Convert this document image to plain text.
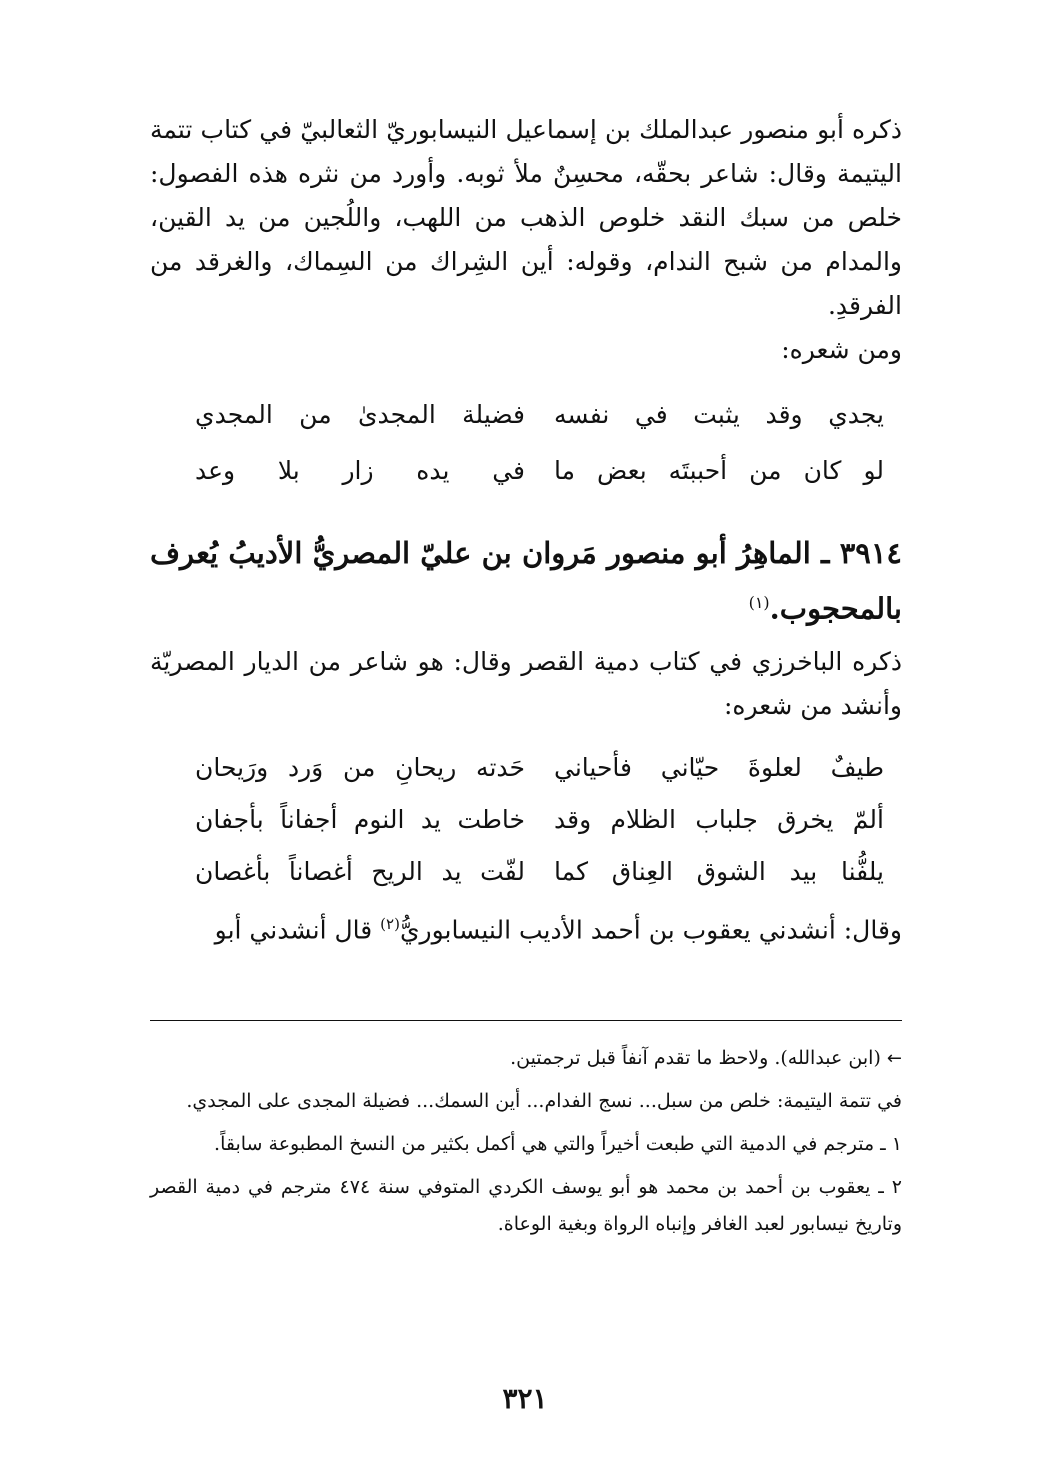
ذكره أبو منصور عبدالملك بن إسماعيل النيسابوريّ الثعالبيّ في كتاب تتمة اليتيمة وقال: شاعر بحقّه، محسِنٌ ملأ ثوبه. وأورد من نثره هذه الفصول: خلص من سبك النقد خلوص الذهب من اللهب، واللُجين من يد القين، والمدام من شبح الندام، وقوله: أين الشِراك من السِماك، والغرقد من الفرقدِ.
ومن شعره:
يجدي وقد يثبت في نفسه
فضيلة المجدىٰ من المجدي
لو كان من أحببتَه بعض ما
في يده زار بلا وعد
٣٩١٤ ـ الماهِرُ أبو منصور مَروان بن عليّ المصريُّ الأديبُ يُعرف بالمحجوب.$^{(١)}$
ذكره الباخرزي في كتاب دمية القصر وقال: هو شاعر من الديار المصريّة وأنشد من شعره:
طيفٌ لعلوةَ حيّاني فأحياني
حَدته ريحانِ من وَرد ورَيحان
ألمّ يخرق جلباب الظلام وقد
خاطت يد النوم أجفاناً بأجفان
يلفُّنا بيد الشوق العِناق كما
لفّت يد الريح أغصاناً بأغصان
وقال: أنشدني يعقوب بن أحمد الأديب النيسابوريُّ$^{(٢)}$ قال أنشدني أبو

← (ابن عبدالله). ولاحظ ما تقدم آنفاً قبل ترجمتين.

في تتمة اليتيمة: خلص من سبل... نسج الفدام... أين السمك... فضيلة المجدى على المجدي.

١ ـ مترجم في الدمية التي طبعت أخيراً والتي هي أكمل بكثير من النسخ المطبوعة سابقاً.

٢ ـ يعقوب بن أحمد بن محمد هو أبو يوسف الكردي المتوفي سنة ٤٧٤ مترجم في دمية القصر وتاريخ نيسابور لعبد الغافر وإنباه الرواة وبغية الوعاة.

٣٢١
